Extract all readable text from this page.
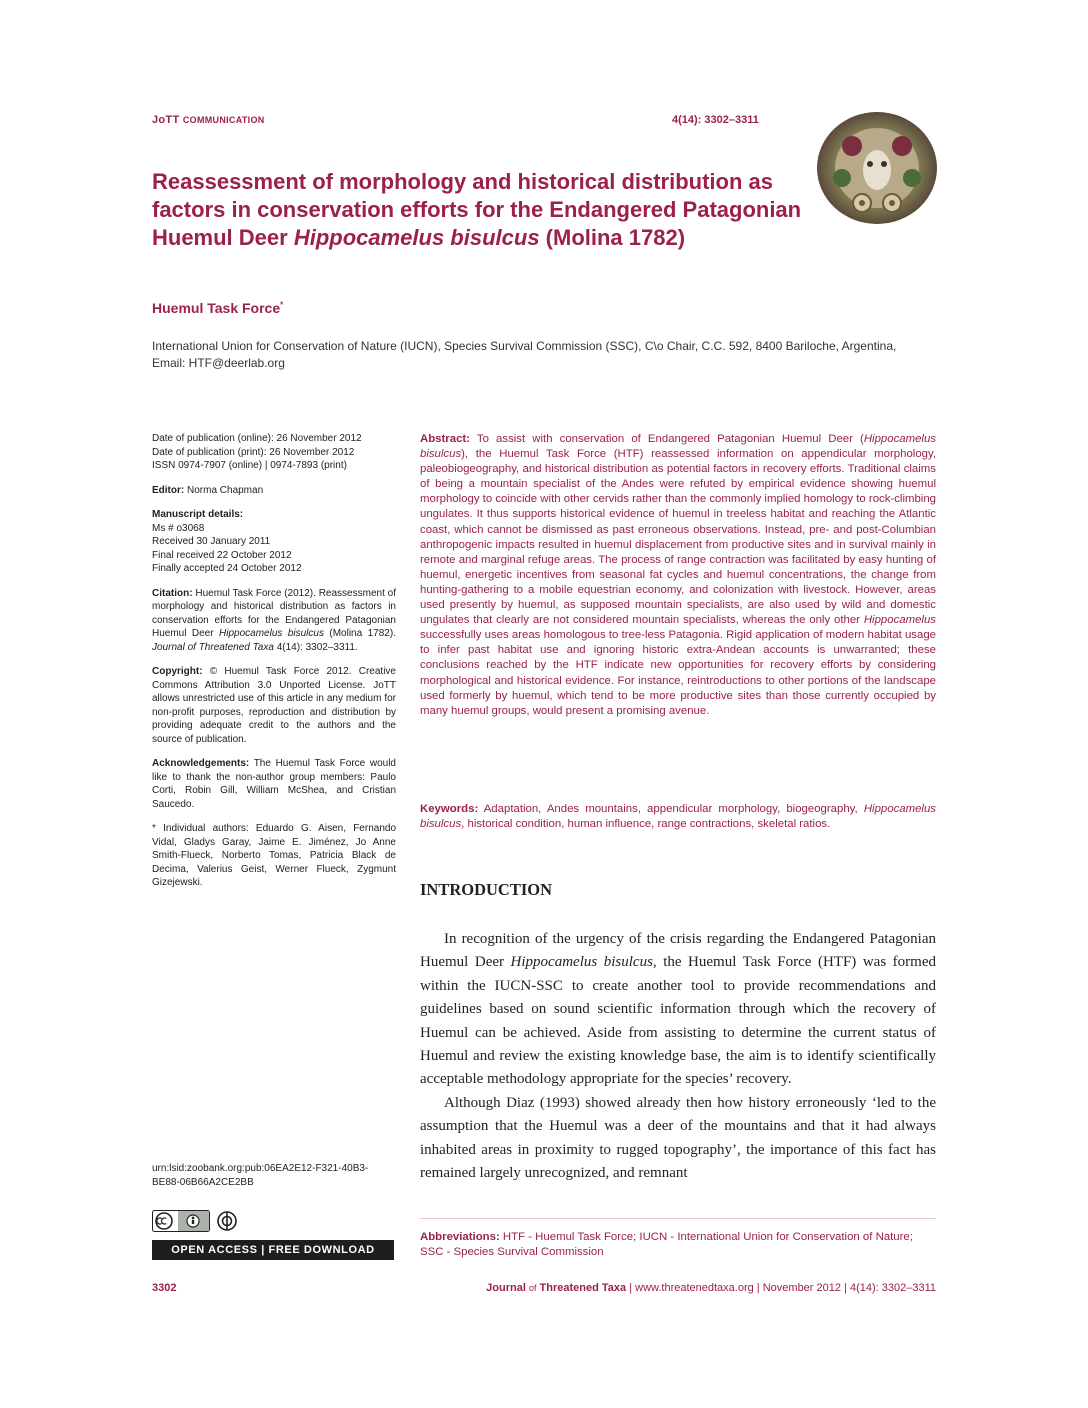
JoTT COMMUNICATION	4(14): 3302–3311
Reassessment of morphology and historical distribution as factors in conservation efforts for the Endangered Patagonian Huemul Deer Hippocamelus bisulcus (Molina 1782)
Huemul Task Force*
International Union for Conservation of Nature (IUCN), Species Survival Commission (SSC), C\o Chair, C.C. 592, 8400 Bariloche, Argentina,
Email: HTF@deerlab.org

Date of publication (online): 26 November 2012
Date of publication (print): 26 November 2012
ISSN 0974-7907 (online) | 0974-7893 (print)

Editor: Norma Chapman

Manuscript details:
Ms # o3068
Received 30 January 2011
Final received 22 October 2012
Finally accepted 24 October 2012

Citation: Huemul Task Force (2012). Reassessment of morphology and historical distribution as factors in conservation efforts for the Endangered Patagonian Huemul Deer Hippocamelus bisulcus (Molina 1782). Journal of Threatened Taxa 4(14): 3302–3311.

Copyright: © Huemul Task Force 2012. Creative Commons Attribution 3.0 Unported License. JoTT allows unrestricted use of this article in any medium for non-profit purposes, reproduction and distribution by providing adequate credit to the authors and the source of publication.

Acknowledgements: The Huemul Task Force would like to thank the non-author group members: Paulo Corti, Robin Gill, William McShea, and Cristian Saucedo.

* Individual authors: Eduardo G. Aisen, Fernando Vidal, Gladys Garay, Jaime E. Jiménez, Jo Anne Smith-Flueck, Norberto Tomas, Patricia Black de Decima, Valerius Geist, Werner Flueck, Zygmunt Gizejewski.

Abstract: To assist with conservation of Endangered Patagonian Huemul Deer (Hippocamelus bisulcus), the Huemul Task Force (HTF) reassessed information on appendicular morphology, paleobiogeography, and historical distribution as potential factors in recovery efforts. Traditional claims of being a mountain specialist of the Andes were refuted by empirical evidence showing huemul morphology to coincide with other cervids rather than the commonly implied homology to rock-climbing ungulates. It thus supports historical evidence of huemul in treeless habitat and reaching the Atlantic coast, which cannot be dismissed as past erroneous observations. Instead, pre- and post-Columbian anthropogenic impacts resulted in huemul displacement from productive sites and in survival mainly in remote and marginal refuge areas. The process of range contraction was facilitated by easy hunting of huemul, energetic incentives from seasonal fat cycles and huemul concentrations, the change from hunting-gathering to a mobile equestrian economy, and colonization with livestock. However, areas used presently by huemul, as supposed mountain specialists, are also used by wild and domestic ungulates that clearly are not considered mountain specialists, whereas the only other Hippocamelus successfully uses areas homologous to tree-less Patagonia. Rigid application of modern habitat usage to infer past habitat use and ignoring historic extra-Andean accounts is unwarranted; these conclusions reached by the HTF indicate new opportunities for recovery efforts by considering morphological and historical evidence. For instance, reintroductions to other portions of the landscape used formerly by huemul, which tend to be more productive sites than those currently occupied by many huemul groups, would present a promising avenue.

Keywords: Adaptation, Andes mountains, appendicular morphology, biogeography, Hippocamelus bisulcus, historical condition, human influence, range contractions, skeletal ratios.

INTRODUCTION

In recognition of the urgency of the crisis regarding the Endangered Patagonian Huemul Deer Hippocamelus bisulcus, the Huemul Task Force (HTF) was formed within the IUCN-SSC to create another tool to provide recommendations and guidelines based on sound scientific information through which the recovery of Huemul can be achieved. Aside from assisting to determine the current status of Huemul and review the existing knowledge base, the aim is to identify scientifically acceptable methodology appropriate for the species’ recovery.

Although Diaz (1993) showed already then how history erroneously ‘led to the assumption that the Huemul was a deer of the mountains and that it had always inhabited areas in proximity to rugged topography’, the importance of this fact has remained largely unrecognized, and remnant

urn:lsid:zoobank.org:pub:06EA2E12-F321-40B3-BE88-06B66A2CE2BB
OPEN ACCESS | FREE DOWNLOAD

Abbreviations: HTF - Huemul Task Force; IUCN - International Union for Conservation of Nature; SSC - Species Survival Commission

3302	Journal of Threatened Taxa | www.threatenedtaxa.org | November 2012 | 4(14): 3302–3311
